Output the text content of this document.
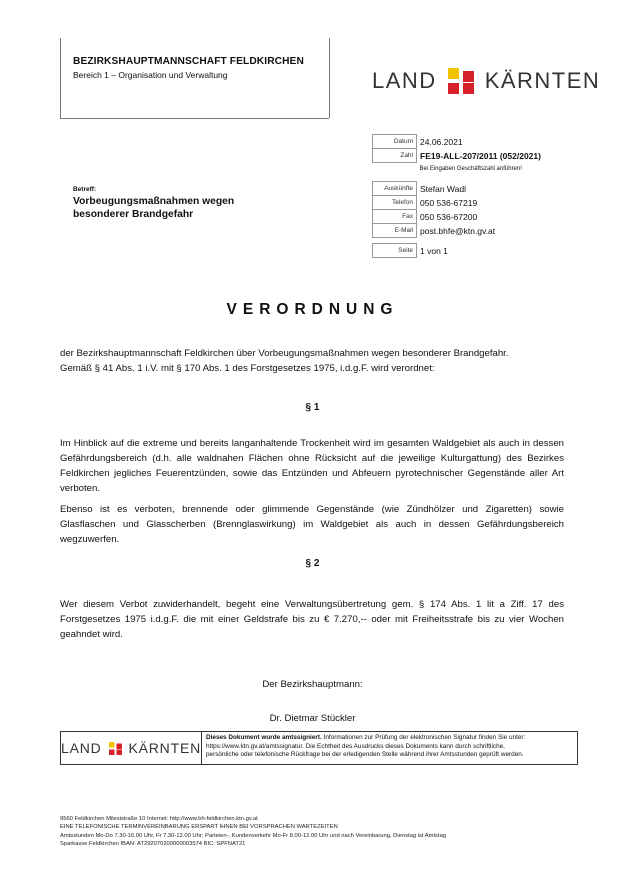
BEZIRKSHAUPTMANNSCHAFT FELDKIRCHEN
Bereich 1 – Organisation und Verwaltung	LAND KÄRNTEN
Datum	24.06.2021
Zahl	FE19-ALL-207/2011 (052/2021)
	Bei Eingaben Geschäftszahl anführen!

Auskünfte	Stefan Wadl
Telefon	050 536-67219
Fax	050 536-67200
E-Mail	post.bhfe@ktn.gv.at

Seite	1 von 1
Betreff:
Vorbeugungsmaßnahmen wegen
besonderer Brandgefahr
VERORDNUNG
der Bezirkshauptmannschaft Feldkirchen über Vorbeugungsmaßnahmen wegen besonderer Brandgefahr.
Gemäß § 41 Abs. 1 i.V. mit § 170 Abs. 1 des Forstgesetzes 1975, i.d.g.F. wird verordnet:
§ 1
Im Hinblick auf die extreme und bereits langanhaltende Trockenheit wird im gesamten Waldgebiet als auch in dessen Gefährdungsbereich (d.h. alle waldnahen Flächen ohne Rücksicht auf die jeweilige Kulturgattung) des Bezirkes Feldkirchen jegliches Feuerentzünden, sowie das Entzünden und Abfeuern pyrotechnischer Gegenstände aller Art verboten.
Ebenso ist es verboten, brennende oder glimmende Gegenstände (wie Zündhölzer und Zigaretten) sowie Glasflaschen und Glasscherben (Brennglaswirkung) im Waldgebiet als auch in dessen Gefährdungsbereich wegzuwerfen.
§ 2
Wer diesem Verbot zuwiderhandelt, begeht eine Verwaltungsübertretung gem. § 174 Abs. 1 lit a Ziff. 17 des Forstgesetzes 1975 i.d.g.F. die mit einer Geldstrafe bis zu € 7.270,-- oder mit Freiheitsstrafe bis zu vier Wochen geahndet wird.
Der Bezirkshauptmann:
Dr. Dietmar Stückler
LAND KÄRNTEN
Dieses Dokument wurde amtssigniert. Informationen zur Prüfung der elektronischen Signatur finden Sie unter:
https://www.ktn.gv.at/amtssignatur. Die Echtheit des Ausdrucks dieses Dokuments kann durch schriftliche,
persönliche oder telefonische Rückfrage bei der erledigenden Stelle während ihrer Amtsstunden geprüft werden.
9560 Feldkirchen Milesistraße 10 Internet: http://www.bh-feldkirchen.ktn.gv.at
EINE TELEFONISCHE TERMINVEREINBARUNG ERSPART IHNEN BEI VORSPRACHEN WARTEZEITEN
Amtsstunden Mo-Do 7.30-16.00 Uhr, Fr 7.30-12.00 Uhr; Parteien-, Kundenverkehr Mo-Fr 8.00-12.00 Uhr und nach Vereinbarung, Dienstag ist Amtstag
Sparkasse Feldkirchen IBAN: AT292070200000003574 BIC: SPFNAT21
